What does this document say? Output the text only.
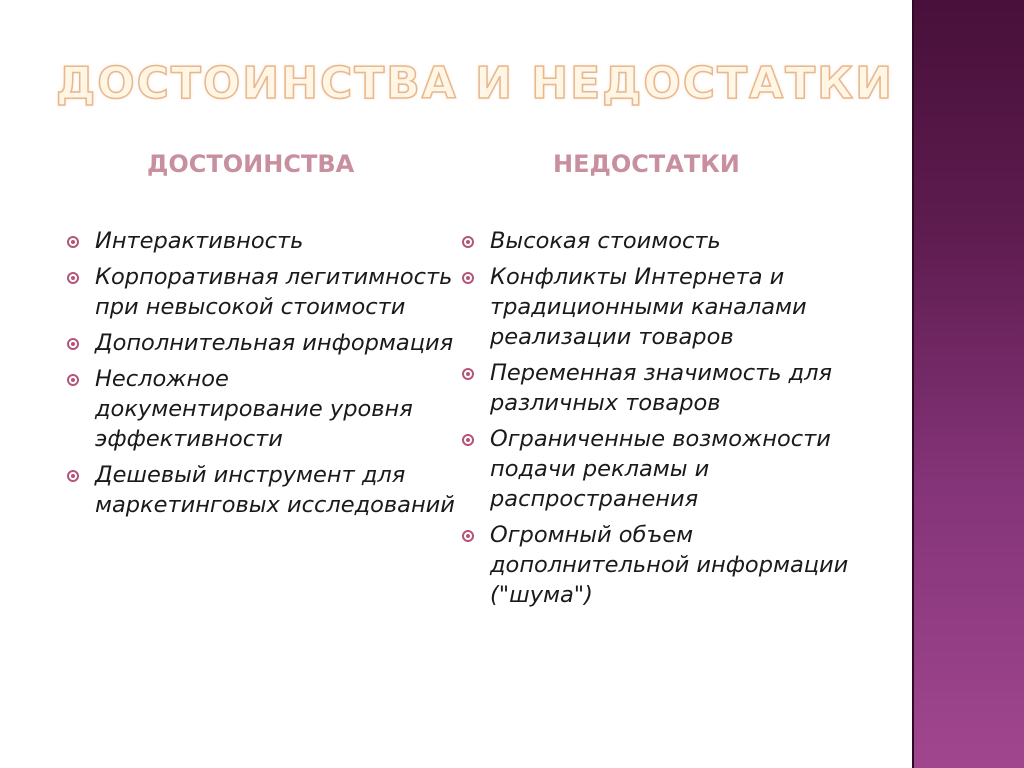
ДОСТОИНСТВА И НЕДОСТАТКИ
ДОСТОИНСТВА	НЕДОСТАТКИ
Интерактивность
Корпоративная легитимность при невысокой стоимости
Дополнительная информация
Несложное документирование уровня эффективности
Дешевый инструмент для маркетинговых исследований
Высокая стоимость
Конфликты Интернета и традиционными каналами реализации товаров
Переменная значимость для различных товаров
Ограниченные возможности подачи рекламы и распространения
Огромный объем дополнительной информации ("шума")
